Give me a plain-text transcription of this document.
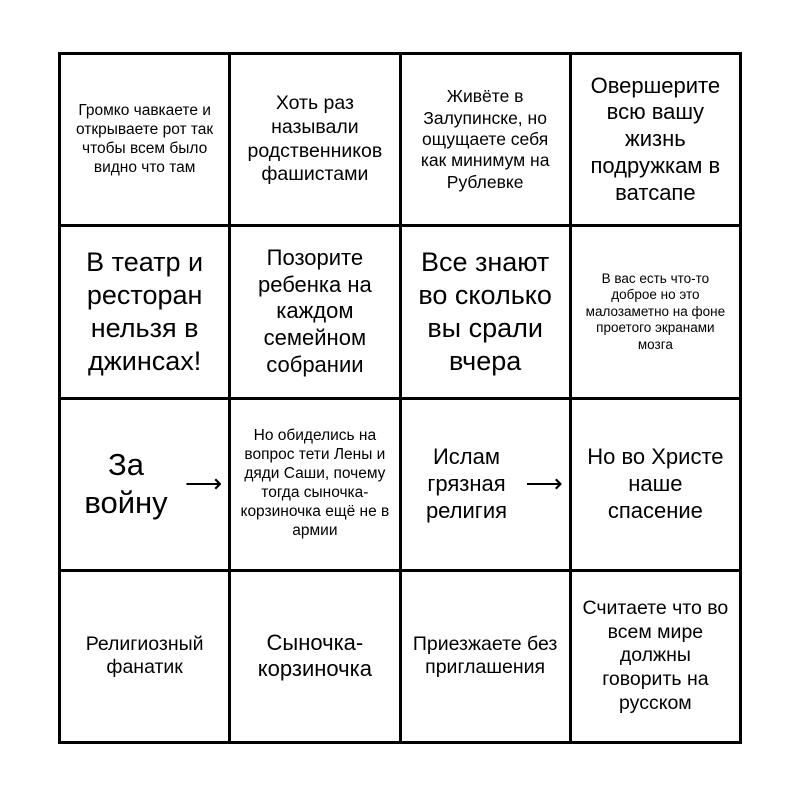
Громко чавкаете и открываете рот так чтобы всем было видно что там
Хоть раз называли родственников фашистами
Живёте в Залупинске, но ощущаете себя как минимум на Рублевке
Овершерите всю вашу жизнь подружкам в ватсапе
В театр и ресторан нельзя в джинсах!
Позорите ребенка на каждом семейном собрании
Все знают во сколько вы срали вчера
В вас есть что-то доброе но это малозаметно на фоне проетого экранами мозга
За войну
⟶
Но обиделись на вопрос тети Лены и дяди Саши, почему тогда сыночка-корзиночка ещё не в армии
Ислам грязная религия
⟶
Но во Христе наше спасение
Религиозный фанатик
Сыночка-корзиночка
Приезжаете без приглашения
Считаете что во всем мире должны говорить на русском
